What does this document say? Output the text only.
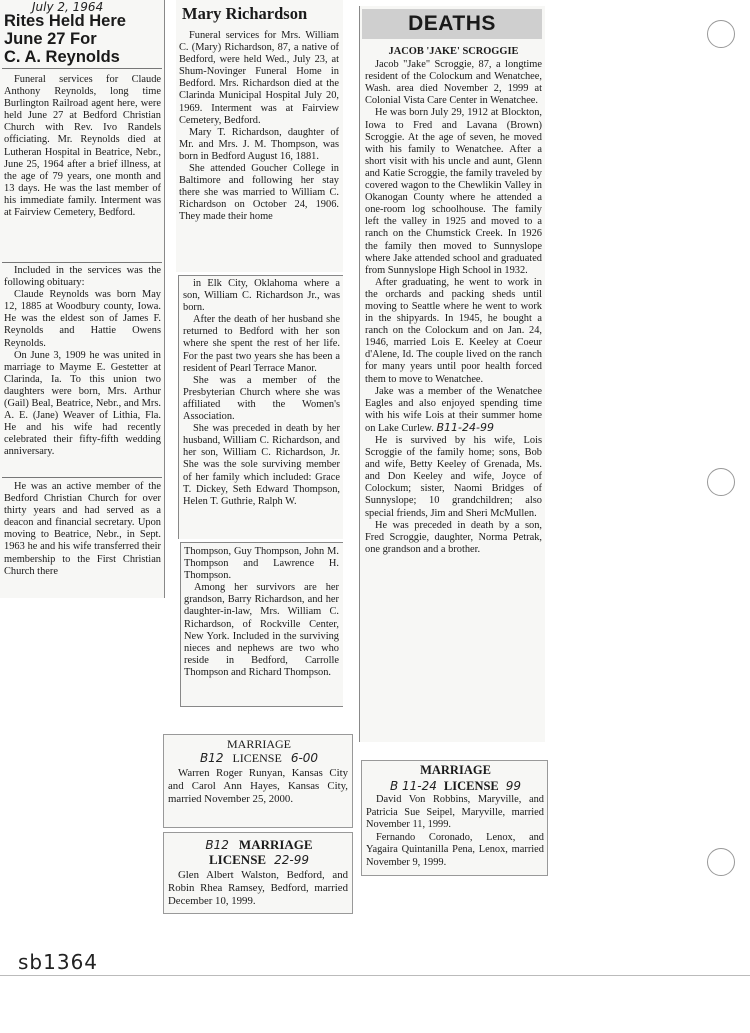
July 2, 1964
Rites Held Here
June 27 For
C. A. Reynolds

Funeral services for Claude Anthony Reynolds, long time Burlington Railroad agent here, were held June 27 at Bedford Christian Church with Rev. Ivo Randels officiating. Mr. Reynolds died at Lutheran Hospital in Beatrice, Nebr., June 25, 1964 after a brief illness, at the age of 79 years, one month and 13 days. He was the last member of his immediate family. Interment was at Fairview Cemetery, Bedford.

Included in the services was the following obituary:

Claude Reynolds was born May 12, 1885 at Woodbury county, Iowa. He was the eldest son of James F. Reynolds and Hattie Owens Reynolds.

On June 3, 1909 he was united in marriage to Mayme E. Gestetter at Clarinda, Ia. To this union two daughters were born, Mrs. Arthur (Gail) Beal, Beatrice, Nebr., and Mrs. A. E. (Jane) Weaver of Lithia, Fla. He and his wife had recently celebrated their fifty-fifth wedding anniversary.

He was an active member of the Bedford Christian Church for over thirty years and had served as a deacon and financial secretary. Upon moving to Beatrice, Nebr., in Sept. 1963 he and his wife transferred their membership to the First Christian Church there

Mary Richardson

Funeral services for Mrs. William C. (Mary) Richardson, 87, a native of Bedford, were held Wed., July 23, at Shum-Novinger Funeral Home in Bedford. Mrs. Richardson died at the Clarinda Municipal Hospital July 20, 1969. Interment was at Fairview Cemetery, Bedford.

Mary T. Richardson, daughter of Mr. and Mrs. J. M. Thompson, was born in Bedford August 16, 1881.

She attended Goucher College in Baltimore and following her stay there she was married to William C. Richardson on October 24, 1906. They made their home

in Elk City, Oklahoma where a son, William C. Richardson Jr., was born.

After the death of her husband she returned to Bedford with her son where she spent the rest of her life. For the past two years she has been a resident of Pearl Terrace Manor.

She was a member of the Presbyterian Church where she was affiliated with the Women's Association.

She was preceded in death by her husband, William C. Richardson, and her son, William C. Richardson, Jr. She was the sole surviving member of her family which included: Grace T. Dickey, Seth Edward Thompson, Helen T. Guthrie, Ralph W.

Thompson, Guy Thompson, John M. Thompson and Lawrence H. Thompson.

Among her survivors are her grandson, Barry Richardson, and her daughter-in-law, Mrs. William C. Richardson, of Rockville Center, New York. Included in the surviving nieces and nephews are two who reside in Bedford, Carrolle Thompson and Richard Thompson.

DEATHS

JACOB 'JAKE' SCROGGIE

Jacob "Jake" Scroggie, 87, a longtime resident of the Colockum and Wenatchee, Wash. area died November 2, 1999 at Colonial Vista Care Center in Wenatchee.

He was born July 29, 1912 at Blockton, Iowa to Fred and Lavana (Brown) Scroggie. At the age of seven, he moved with his family to Wenatchee. After a short visit with his uncle and aunt, Glenn and Katie Scroggie, the family traveled by covered wagon to the Chewlikin Valley in Okanogan County where he attended a one-room log schoolhouse. The family left the valley in 1925 and moved to a ranch on the Chumstick Creek. In 1926 the family then moved to Sunnyslope where Jake attended school and graduated from Sunnyslope High School in 1932.

After graduating, he went to work in the orchards and packing sheds until moving to Seattle where he went to work in the shipyards. In 1945, he bought a ranch on the Colockum and on Jan. 24, 1946, married Lois E. Keeley at Coeur d'Alene, Id. The couple lived on the ranch for many years until poor health forced them to move to Wenatchee.

Jake was a member of the Wenatchee Eagles and also enjoyed spending time with his wife Lois at their summer home on Lake Curlew. B11-24-99

He is survived by his wife, Lois Scroggie of the family home; sons, Bob and wife, Betty Keeley of Grenada, Ms. and Don Keeley and wife, Joyce of Colockum; sister, Naomi Bridges of Sunnyslope; 10 grandchildren; also special friends, Jim and Sheri McMullen.

He was preceded in death by a son, Fred Scroggie, daughter, Norma Petrak, one grandson and a brother.

MARRIAGE
B12 LICENSE 6-00
Warren Roger Runyan, Kansas City and Carol Ann Hayes, Kansas City, married November 25, 2000.
B12 MARRIAGE
LICENSE 22-99
Glen Albert Walston, Bedford, and Robin Rhea Ramsey, Bedford, married December 10, 1999.
MARRIAGE
B 11-24 LICENSE 99

David Von Robbins, Maryville, and Patricia Sue Seipel, Maryville, married November 11, 1999.

Fernando Coronado, Lenox, and Yagaira Quintanilla Pena, Lenox, married November 9, 1999.

sb1364
